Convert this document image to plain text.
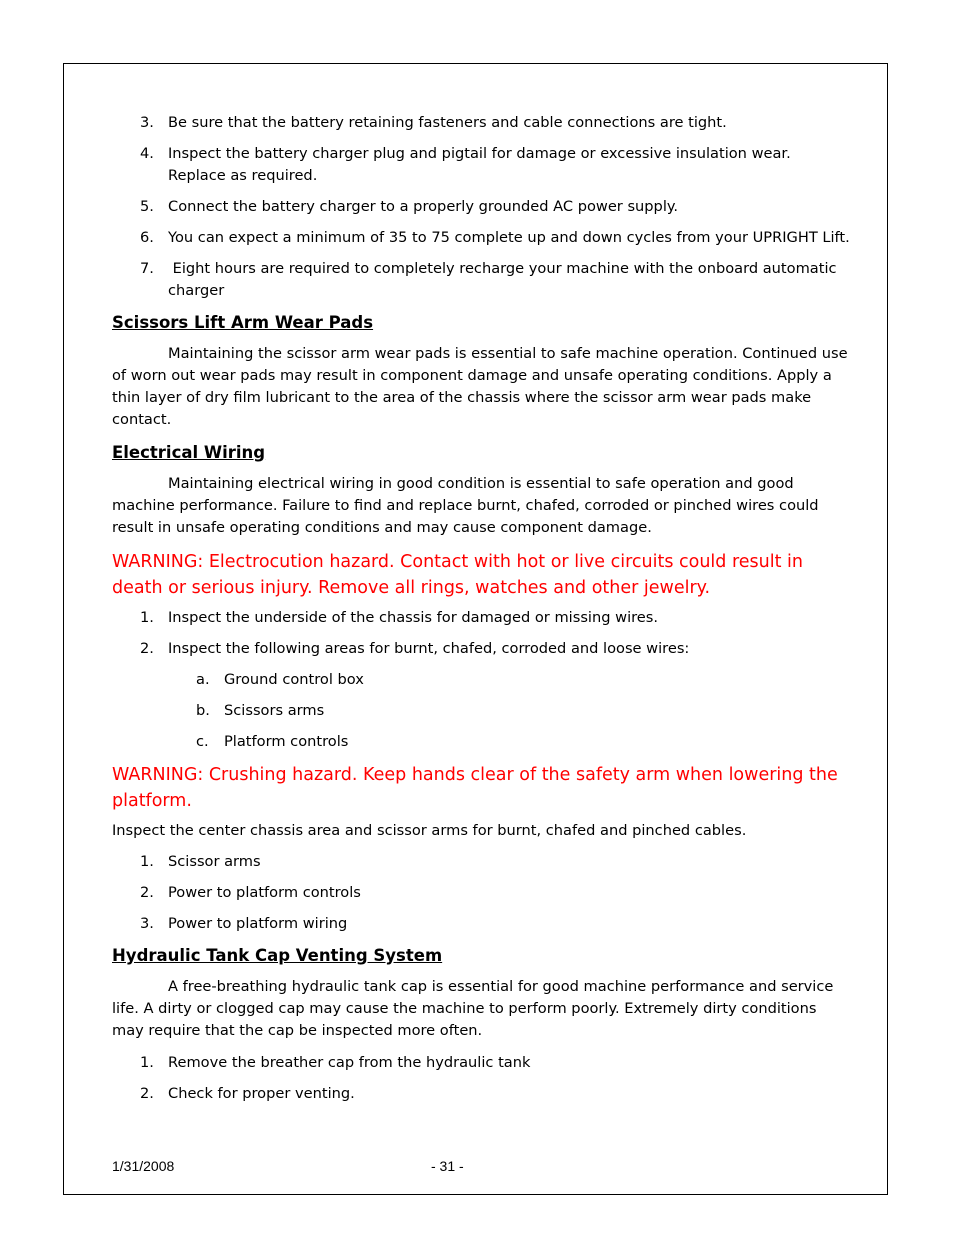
3. Be sure that the battery retaining fasteners and cable connections are tight.
4. Inspect the battery charger plug and pigtail for damage or excessive insulation wear. Replace as required.
5. Connect the battery charger to a properly grounded AC power supply.
6. You can expect a minimum of 35 to 75 complete up and down cycles from your UPRIGHT Lift.
7. Eight hours are required to completely recharge your machine with the onboard automatic charger
Scissors Lift Arm Wear Pads

Maintaining the scissor arm wear pads is essential to safe machine operation. Continued use of worn out wear pads may result in component damage and unsafe operating conditions. Apply a thin layer of dry film lubricant to the area of the chassis where the scissor arm wear pads make contact.

Electrical Wiring

Maintaining electrical wiring in good condition is essential to safe operation and good machine performance. Failure to find and replace burnt, chafed, corroded or pinched wires could result in unsafe operating conditions and may cause component damage.

WARNING: Electrocution hazard. Contact with hot or live circuits could result in death or serious injury. Remove all rings, watches and other jewelry.

1. Inspect the underside of the chassis for damaged or missing wires.
2. Inspect the following areas for burnt, chafed, corroded and loose wires:
a. Ground control box
b. Scissors arms
c. Platform controls

WARNING: Crushing hazard. Keep hands clear of the safety arm when lowering the platform.

Inspect the center chassis area and scissor arms for burnt, chafed and pinched cables.

1. Scissor arms
2. Power to platform controls
3. Power to platform wiring
Hydraulic Tank Cap Venting System

A free-breathing hydraulic tank cap is essential for good machine performance and service life. A dirty or clogged cap may cause the machine to perform poorly. Extremely dirty conditions may require that the cap be inspected more often.

1. Remove the breather cap from the hydraulic tank
2. Check for proper venting.
1/31/2008	- 31 -
